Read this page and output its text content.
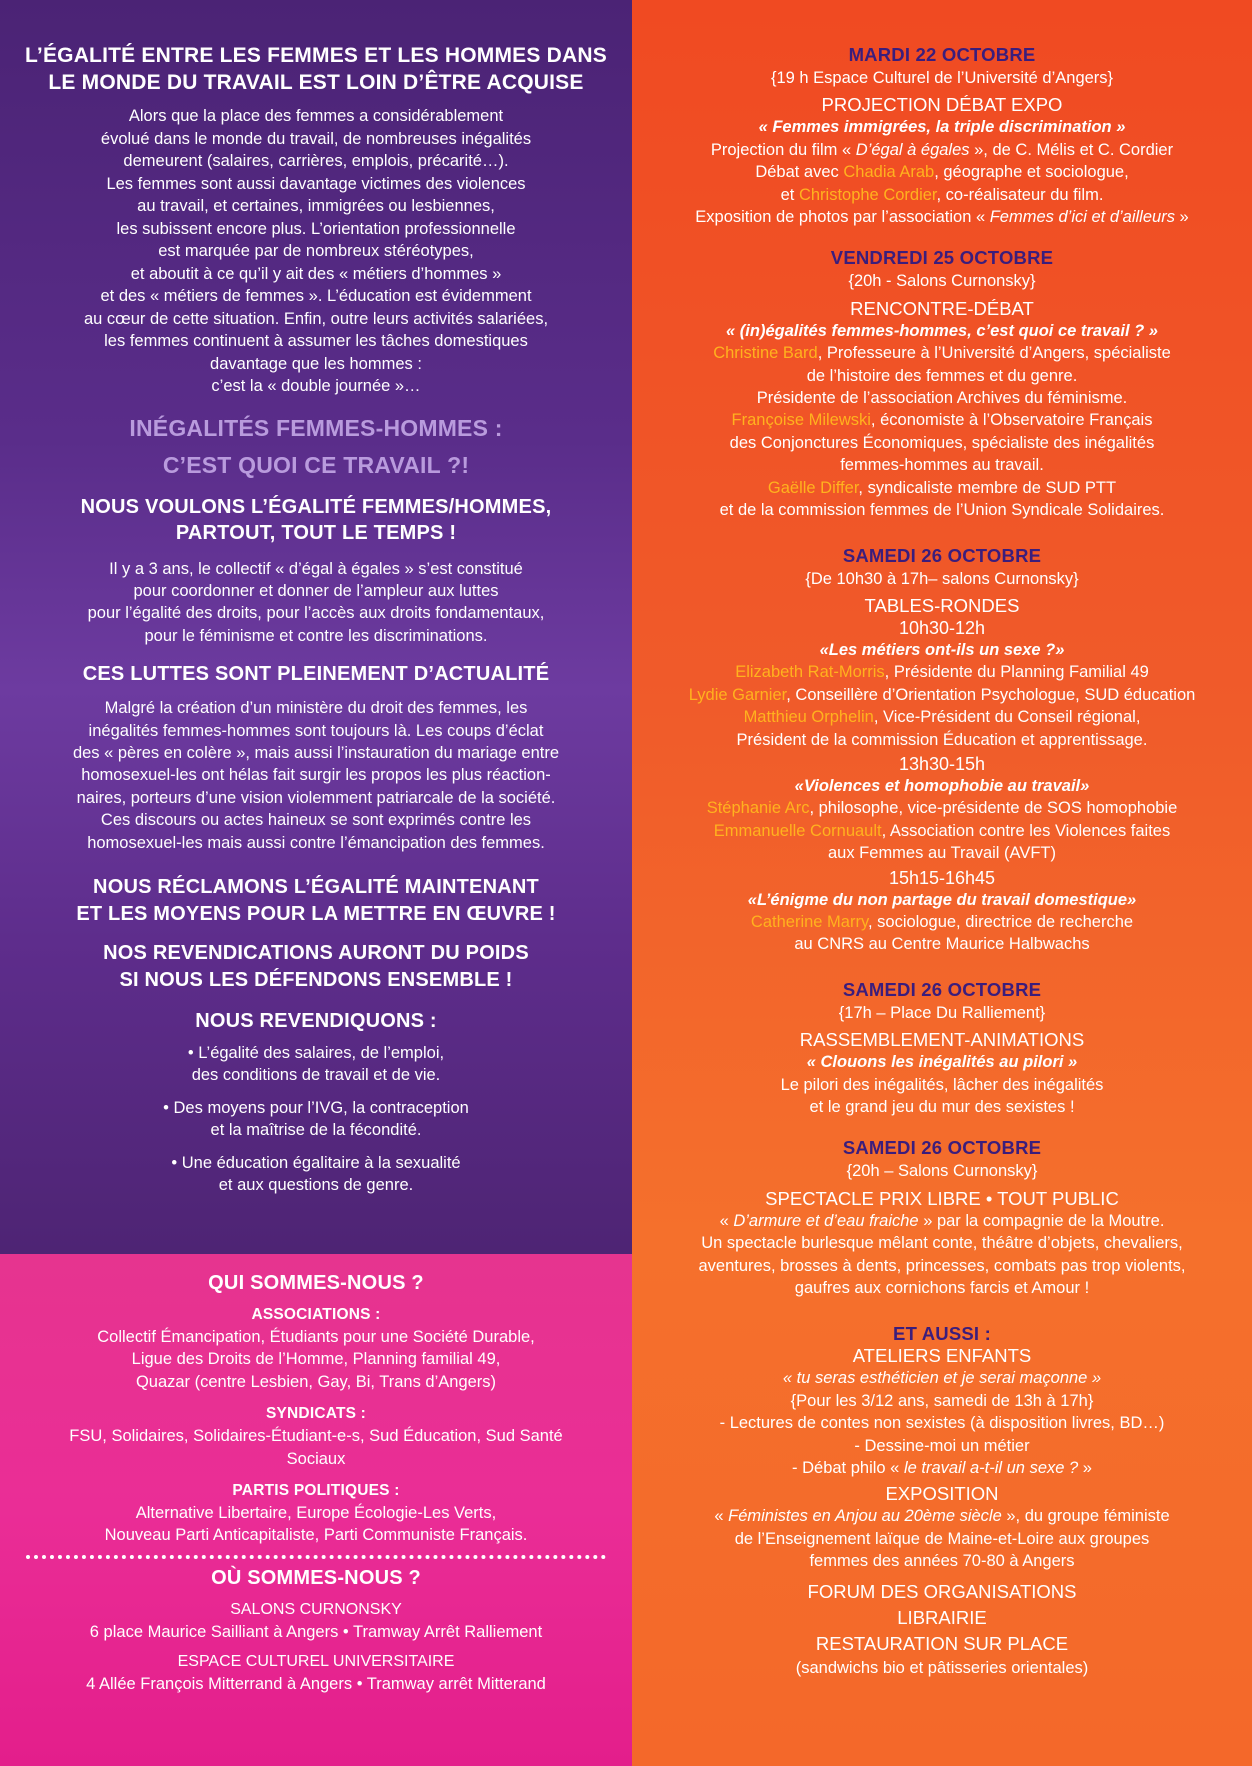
L’ÉGALITÉ ENTRE LES FEMMES ET LES HOMMES DANS

LE MONDE DU TRAVAIL EST LOIN D’ÊTRE ACQUISE

Alors que la place des femmes a considérablement

évolué dans le monde du travail, de nombreuses inégalités

demeurent (salaires, carrières, emplois, précarité…).

Les femmes sont aussi davantage victimes des violences

au travail, et certaines, immigrées ou lesbiennes,

les subissent encore plus. L’orientation professionnelle

est marquée par de nombreux stéréotypes,

et aboutit à ce qu’il y ait des « métiers d’hommes »

et des « métiers de femmes ». L’éducation est évidemment

au cœur de cette situation. Enfin, outre leurs activités salariées,

les femmes continuent à assumer les tâches domestiques

davantage que les hommes :

c’est la « double journée »…

INÉGALITÉS FEMMES-HOMMES :

C’EST QUOI CE TRAVAIL ?!

NOUS VOULONS L’ÉGALITÉ FEMMES/HOMMES,

PARTOUT, TOUT LE TEMPS !

Il y a 3 ans, le collectif « d’égal à égales » s’est constitué

pour coordonner et donner de l’ampleur aux luttes

pour l’égalité des droits, pour l’accès aux droits fondamentaux,

pour le féminisme et contre les discriminations.

CES LUTTES SONT PLEINEMENT D’ACTUALITÉ

Malgré la création d’un ministère du droit des femmes, les

inégalités femmes-hommes sont toujours là. Les coups d’éclat

des « pères en colère », mais aussi l’instauration du mariage entre

homosexuel-les ont hélas fait surgir les propos les plus réaction-

naires, porteurs d’une vision violemment patriarcale de la société.

Ces discours ou actes haineux se sont exprimés contre les

homosexuel-les mais aussi contre l’émancipation des femmes.

NOUS RÉCLAMONS L’ÉGALITÉ MAINTENANT

ET LES MOYENS POUR LA METTRE EN ŒUVRE !

NOS REVENDICATIONS AURONT DU POIDS

SI NOUS LES DÉFENDONS ENSEMBLE !

NOUS REVENDIQUONS :

• L’égalité des salaires, de l’emploi,

des conditions de travail et de vie.

• Des moyens pour l’IVG, la contraception

et la maîtrise de la fécondité.

• Une éducation égalitaire à la sexualité

et aux questions de genre.

QUI SOMMES-NOUS ?

ASSOCIATIONS :

Collectif Émancipation, Étudiants pour une Société Durable,

Ligue des Droits de l’Homme, Planning familial 49,

Quazar (centre Lesbien, Gay, Bi, Trans d’Angers)

SYNDICATS :

FSU, Solidaires, Solidaires-Étudiant-e-s, Sud Éducation, Sud Santé

Sociaux

PARTIS POLITIQUES :

Alternative Libertaire, Europe Écologie-Les Verts,

Nouveau Parti Anticapitaliste, Parti Communiste Français.

OÙ SOMMES-NOUS ?

SALONS CURNONSKY

6 place Maurice Sailliant à Angers • Tramway Arrêt Ralliement

ESPACE CULTUREL UNIVERSITAIRE

4 Allée François Mitterrand à Angers • Tramway arrêt Mitterand

MARDI 22 OCTOBRE

{19 h Espace Culturel de l’Université d’Angers}

PROJECTION DÉBAT EXPO

« Femmes immigrées, la triple discrimination »

Projection du film « D’égal à égales », de C. Mélis et C. Cordier

Débat avec Chadia Arab, géographe et sociologue,

et Christophe Cordier, co-réalisateur du film.

Exposition de photos par l’association « Femmes d’ici et d’ailleurs »

VENDREDI 25 OCTOBRE

{20h - Salons Curnonsky}

RENCONTRE-DÉBAT

« (in)égalités femmes-hommes, c’est quoi ce travail ? »

Christine Bard, Professeure à l’Université d’Angers, spécialiste

de l’histoire des femmes et du genre.

Présidente de l’association Archives du féminisme.

Françoise Milewski, économiste à l’Observatoire Français

des Conjonctures Économiques, spécialiste des inégalités

femmes-hommes au travail.

Gaëlle Differ, syndicaliste membre de SUD PTT

et de la commission femmes de l’Union Syndicale Solidaires.

SAMEDI 26 OCTOBRE

{De 10h30 à 17h– salons Curnonsky}

TABLES-RONDES

10h30-12h

«Les métiers ont-ils un sexe ?»

Elizabeth Rat-Morris, Présidente du Planning Familial 49

Lydie Garnier, Conseillère d’Orientation Psychologue, SUD éducation

Matthieu Orphelin, Vice-Président du Conseil régional,

Président de la commission Éducation et apprentissage.

13h30-15h

«Violences et homophobie au travail»

Stéphanie Arc, philosophe, vice-présidente de SOS homophobie

Emmanuelle Cornuault, Association contre les Violences faites

aux Femmes au Travail (AVFT)

15h15-16h45

«L’énigme du non partage du travail domestique»

Catherine Marry, sociologue, directrice de recherche

au CNRS au Centre Maurice Halbwachs

SAMEDI 26 OCTOBRE

{17h – Place Du Ralliement}

RASSEMBLEMENT-ANIMATIONS

« Clouons les inégalités au pilori »

Le pilori des inégalités, lâcher des inégalités

et le grand jeu du mur des sexistes !

SAMEDI 26 OCTOBRE

{20h – Salons Curnonsky}

SPECTACLE PRIX LIBRE • TOUT PUBLIC

« D’armure et d’eau fraiche » par la compagnie de la Moutre.

Un spectacle burlesque mêlant conte, théâtre d’objets, chevaliers,

aventures, brosses à dents, princesses, combats pas trop violents,

gaufres aux cornichons farcis et Amour !

ET AUSSI :

ATELIERS ENFANTS

« tu seras esthéticien et je serai maçonne »

{Pour les 3/12 ans, samedi de 13h à 17h}

- Lectures de contes non sexistes (à disposition livres, BD…)

- Dessine-moi un métier

- Débat philo « le travail a-t-il un sexe ? »

EXPOSITION

« Féministes en Anjou au 20ème siècle », du groupe féministe

de l’Enseignement laïque de Maine-et-Loire aux groupes

femmes des années 70-80 à Angers

FORUM DES ORGANISATIONS

LIBRAIRIE

RESTAURATION SUR PLACE

(sandwichs bio et pâtisseries orientales)
